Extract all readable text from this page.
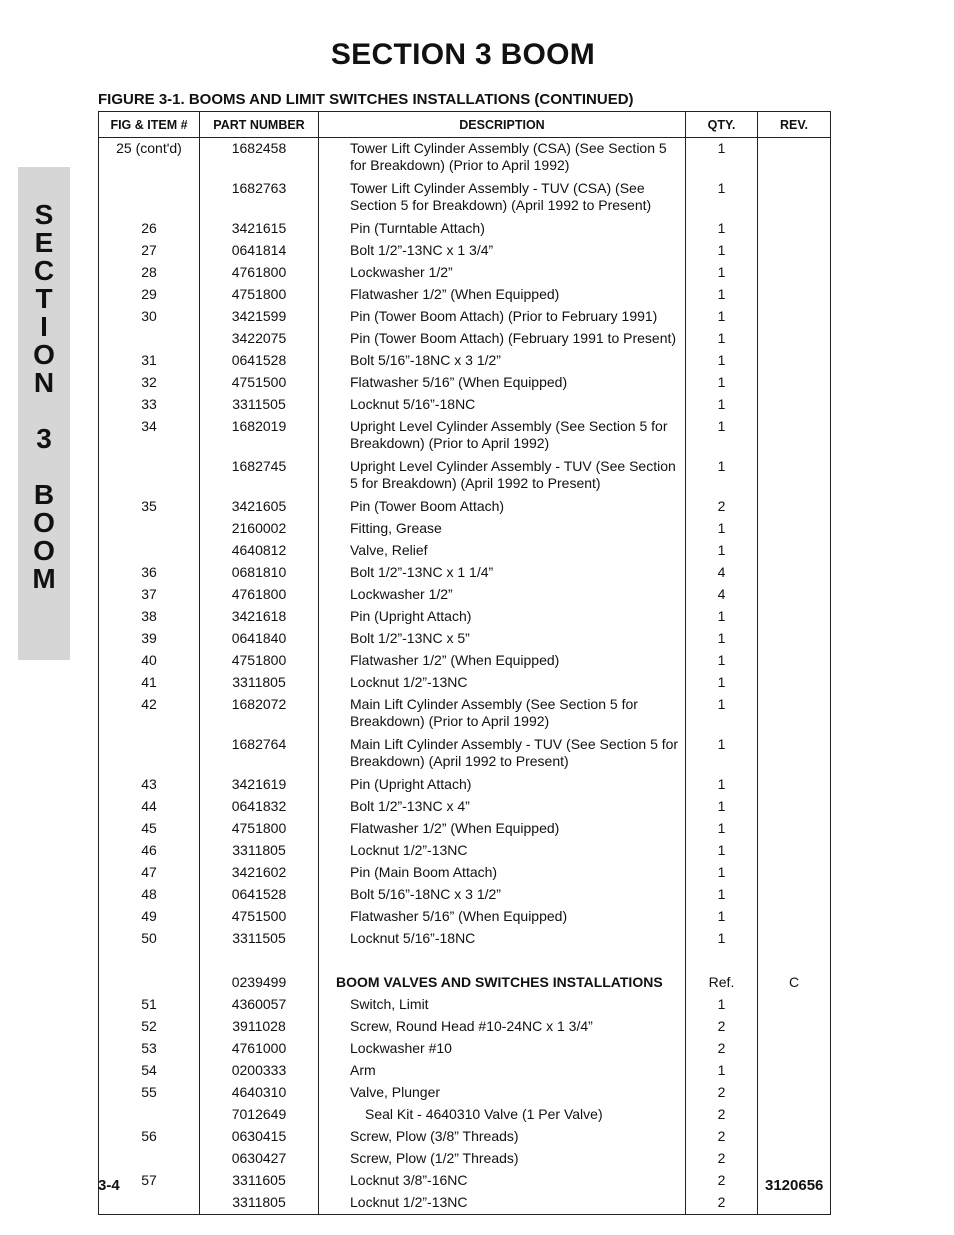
SECTION 3 BOOM
FIGURE 3-1. BOOMS AND LIMIT SWITCHES INSTALLATIONS (CONTINUED)
S
E
C
T
I
O
N
3
B
O
O
M
FIG & ITEM #	PART NUMBER	DESCRIPTION	QTY.	REV.
25 (cont'd)	1682458	Tower Lift Cylinder Assembly (CSA) (See Section 5 for Breakdown) (Prior to April 1992)	1	
	1682763	Tower Lift Cylinder Assembly - TUV (CSA) (See Section 5 for Breakdown) (April 1992 to Present)	1	
26	3421615	Pin (Turntable Attach)	1	
27	0641814	Bolt 1/2”-13NC x 1 3/4”	1	
28	4761800	Lockwasher 1/2”	1	
29	4751800	Flatwasher 1/2” (When Equipped)	1	
30	3421599	Pin (Tower Boom Attach) (Prior to February 1991)	1	
	3422075	Pin (Tower Boom Attach) (February 1991 to Present)	1	
31	0641528	Bolt 5/16”-18NC x 3 1/2”	1	
32	4751500	Flatwasher 5/16” (When Equipped)	1	
33	3311505	Locknut 5/16”-18NC	1	
34	1682019	Upright Level Cylinder Assembly (See Section 5 for Breakdown) (Prior to April 1992)	1	
	1682745	Upright Level Cylinder Assembly - TUV (See Section 5 for Breakdown) (April 1992 to Present)	1	
35	3421605	Pin (Tower Boom Attach)	2	
	2160002	Fitting, Grease	1	
	4640812	Valve, Relief	1	
36	0681810	Bolt 1/2”-13NC x 1 1/4”	4	
37	4761800	Lockwasher 1/2”	4	
38	3421618	Pin (Upright Attach)	1	
39	0641840	Bolt 1/2”-13NC x 5”	1	
40	4751800	Flatwasher 1/2” (When Equipped)	1	
41	3311805	Locknut 1/2”-13NC	1	
42	1682072	Main Lift Cylinder Assembly (See Section 5 for Breakdown) (Prior to April 1992)	1	
	1682764	Main Lift Cylinder Assembly - TUV (See Section 5 for Breakdown) (April 1992 to Present)	1	
43	3421619	Pin (Upright Attach)	1	
44	0641832	Bolt 1/2”-13NC x 4”	1	
45	4751800	Flatwasher 1/2” (When Equipped)	1	
46	3311805	Locknut 1/2”-13NC	1	
47	3421602	Pin (Main Boom Attach)	1	
48	0641528	Bolt 5/16”-18NC x 3 1/2”	1	
49	4751500	Flatwasher 5/16” (When Equipped)	1	
50	3311505	Locknut 5/16”-18NC	1	

	0239499	BOOM VALVES AND SWITCHES INSTALLATIONS	Ref.	C
51	4360057	Switch, Limit	1	
52	3911028	Screw, Round Head #10-24NC x 1 3/4”	2	
53	4761000	Lockwasher #10	2	
54	0200333	Arm	1	
55	4640310	Valve, Plunger	2	
	7012649	Seal Kit - 4640310 Valve (1 Per Valve)	2	
56	0630415	Screw, Plow (3/8” Threads)	2	
	0630427	Screw, Plow (1/2” Threads)	2	
57	3311605	Locknut 3/8”-16NC	2	
	3311805	Locknut 1/2”-13NC	2	

3-4	3120656
